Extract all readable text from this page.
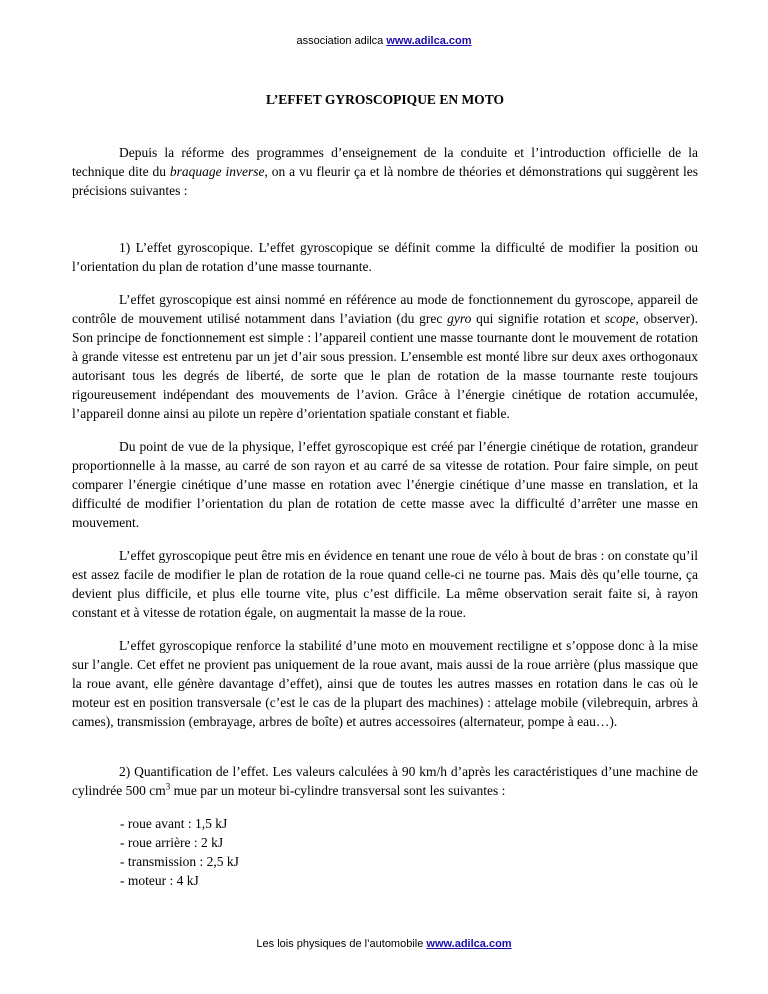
association adilca www.adilca.com
L’EFFET GYROSCOPIQUE EN MOTO

Depuis la réforme des programmes d’enseignement de la conduite et l’introduction officielle de la technique dite du braquage inverse, on a vu fleurir ça et là nombre de théories et démonstrations qui suggèrent les précisions suivantes :

1) L’effet gyroscopique. L’effet gyroscopique se définit comme la difficulté de modifier la position ou l’orientation du plan de rotation d’une masse tournante.

L’effet gyroscopique est ainsi nommé en référence au mode de fonctionnement du gyroscope, appareil de contrôle de mouvement utilisé notamment dans l’aviation (du grec gyro qui signifie rotation et scope, observer). Son principe de fonctionnement est simple : l’appareil contient une masse tournante dont le mouvement de rotation à grande vitesse est entretenu par un jet d’air sous pression. L’ensemble est monté libre sur deux axes orthogonaux autorisant tous les degrés de liberté, de sorte que le plan de rotation de la masse tournante reste toujours rigoureusement indépendant des mouvements de l’avion. Grâce à l’énergie cinétique de rotation accumulée, l’appareil donne ainsi au pilote un repère d’orientation spatiale constant et fiable.

Du point de vue de la physique, l’effet gyroscopique est créé par l’énergie cinétique de rotation, grandeur proportionnelle à la masse, au carré de son rayon et au carré de sa vitesse de rotation. Pour faire simple, on peut comparer l’énergie cinétique d’une masse en rotation avec l’énergie cinétique d’une masse en translation, et la difficulté de modifier l’orientation du plan de rotation de cette masse avec la difficulté d’arrêter une masse en mouvement.

L’effet gyroscopique peut être mis en évidence en tenant une roue de vélo à bout de bras : on constate qu’il est assez facile de modifier le plan de rotation de la roue quand celle-ci ne tourne pas. Mais dès qu’elle tourne, ça devient plus difficile, et plus elle tourne vite, plus c’est difficile. La même observation serait faite si, à rayon constant et à vitesse de rotation égale, on augmentait la masse de la roue.

L’effet gyroscopique renforce la stabilité d’une moto en mouvement rectiligne et s’oppose donc à la mise sur l’angle. Cet effet ne provient pas uniquement de la roue avant, mais aussi de la roue arrière (plus massique que la roue avant, elle génère davantage d’effet), ainsi que de toutes les autres masses en rotation dans le cas où le moteur est en position transversale (c’est le cas de la plupart des machines) : attelage mobile (vilebrequin, arbres à cames), transmission (embrayage, arbres de boîte) et autres accessoires (alternateur, pompe à eau…).

2) Quantification de l’effet. Les valeurs calculées à 90 km/h d’après les caractéristiques d’une machine de cylindrée 500 $cm^3$ mue par un moteur bi-cylindre transversal sont les suivantes :

- roue avant : 1,5 kJ
- roue arrière : 2 kJ
- transmission : 2,5 kJ
- moteur : 4 kJ
Les lois physiques de l’automobile www.adilca.com
